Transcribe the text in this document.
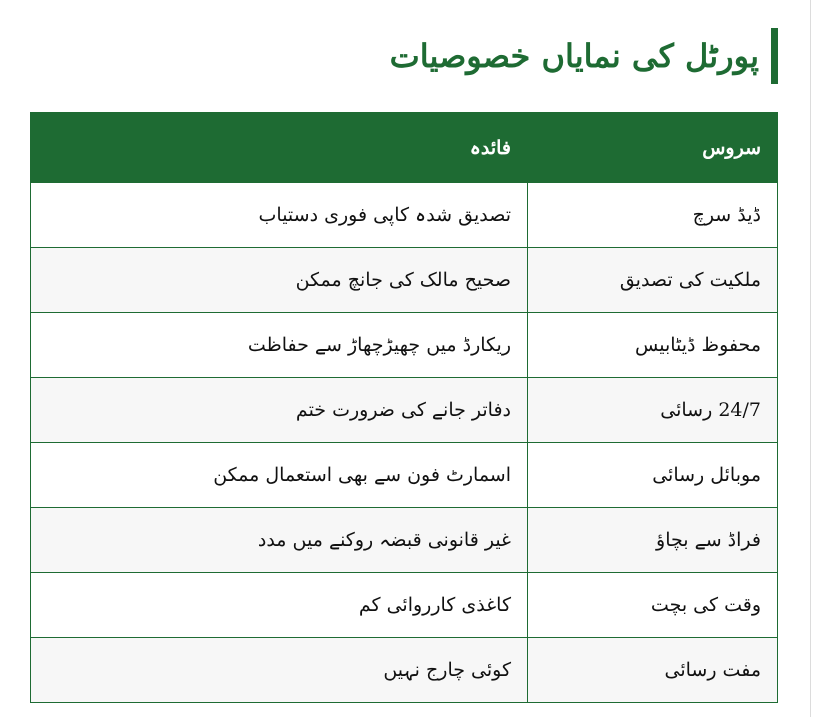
پورٹل کی نمایاں خصوصیات
سروس	فائدہ
ڈیڈ سرچ	تصدیق شدہ کاپی فوری دستیاب
ملکیت کی تصدیق	صحیح مالک کی جانچ ممکن
محفوظ ڈیٹابیس	ریکارڈ میں چھیڑچھاڑ سے حفاظت
24/7 رسائی	دفاتر جانے کی ضرورت ختم
موبائل رسائی	اسمارٹ فون سے بھی استعمال ممکن
فراڈ سے بچاؤ	غیر قانونی قبضہ روکنے میں مدد
وقت کی بچت	کاغذی کارروائی کم
مفت رسائی	کوئی چارج نہیں
